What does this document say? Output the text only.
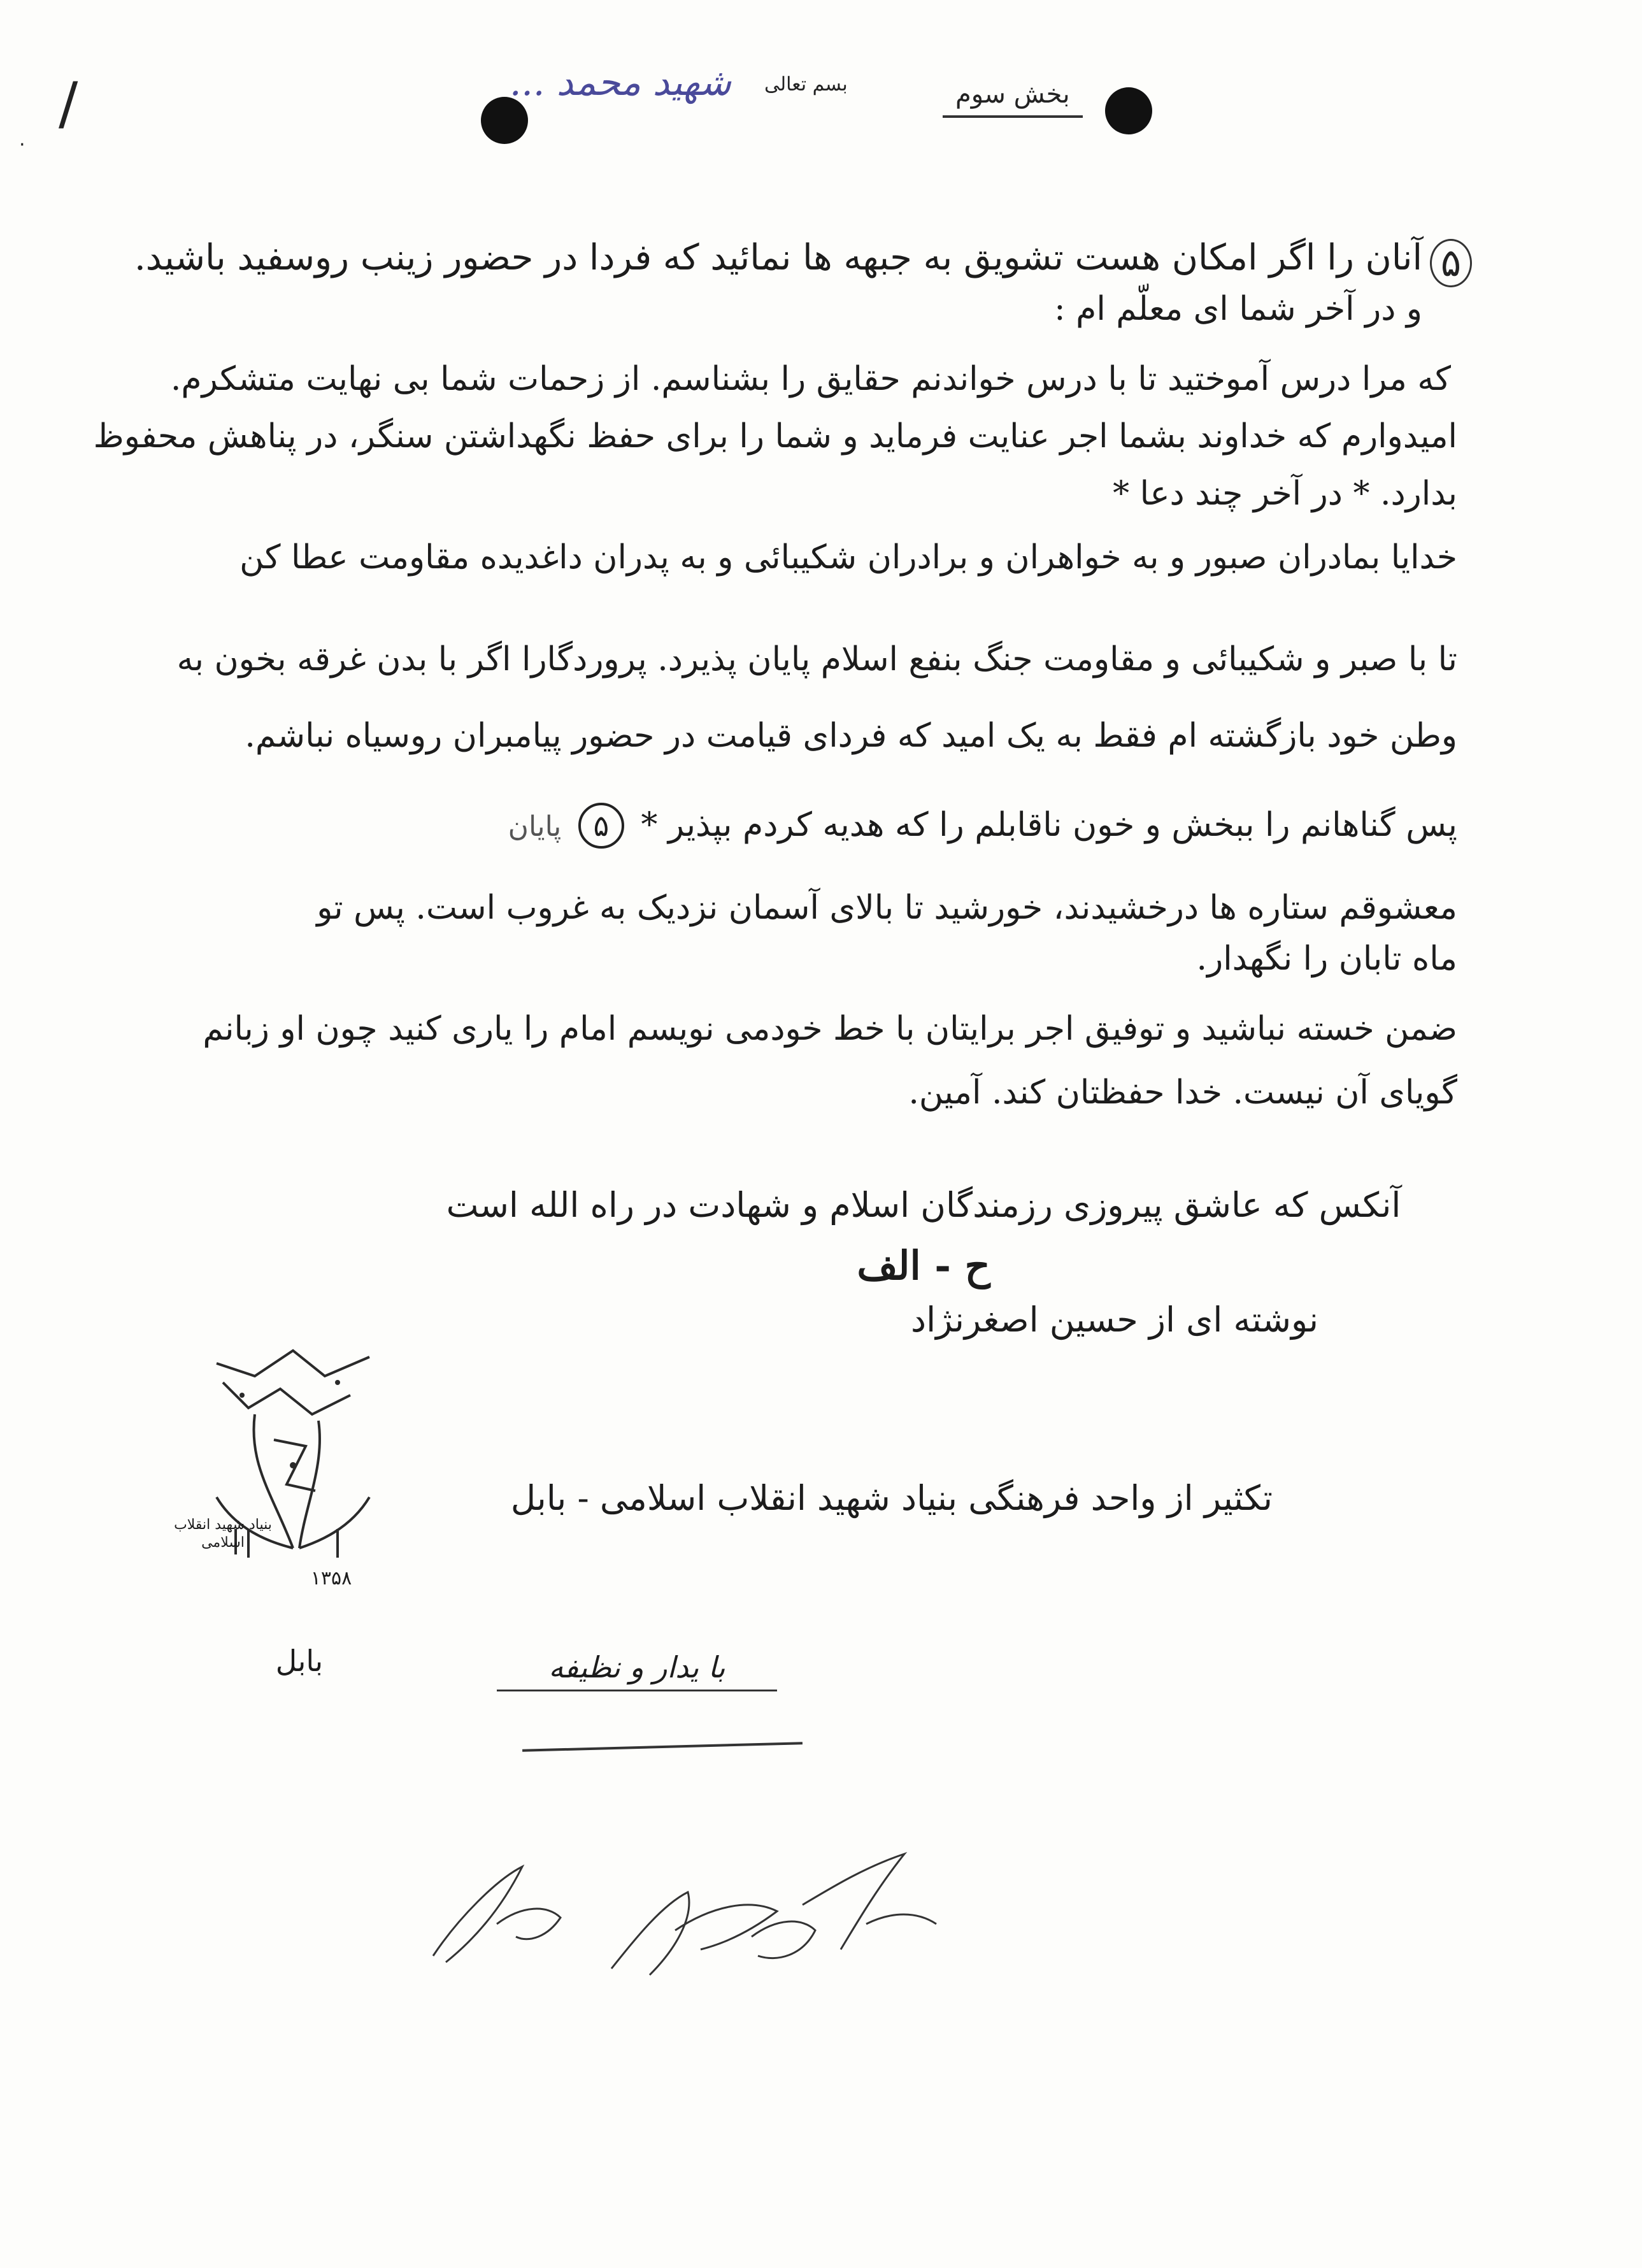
/
·
شهید محمد ... بسم تعالی	بخش سوم
۵
آنان را اگر امکان هست تشویق به جبهه ها نمائید که فردا در حضور زینب روسفید باشید.
و در آخر شما ای معلّم ام :
که مرا درس آموختید تا با درس خواندنم حقایق را بشناسم. از زحمات شما بی نهایت متشکرم.
امیدوارم که خداوند بشما اجر عنایت فرماید و شما را برای حفظ نگهداشتن سنگر، در پناهش محفوظ
بدارد. * در آخر چند دعا *
خدایا بمادران صبور و به خواهران و برادران شکیبائی و به پدران داغدیده مقاومت عطا کن
تا با صبر و شکیبائی و مقاومت جنگ بنفع اسلام پایان پذیرد. پروردگارا اگر با بدن غرقه بخون به
وطن خود بازگشته ام فقط به یک امید که فردای قیامت در حضور پیامبران روسیاه نباشم.
پس گناهانم را ببخش و خون ناقابلم را که هدیه کردم بپذیر * ۵ پایان
معشوقم ستاره ها درخشیدند، خورشید تا بالای آسمان نزدیک به غروب است. پس تو
ماه تابان را نگهدار.
ضمن خسته نباشید و توفیق اجر برایتان با خط خودمی نویسم امام را یاری کنید چون او زبانم
گویای آن نیست. خدا حفظتان کند. آمین.
آنکس که عاشق پیروزی رزمندگان اسلام و شهادت در راه الله است
ح - الف
نوشته ای از حسین اصغرنژاد
تکثیر از واحد فرهنگی بنیاد شهید انقلاب اسلامی - بابل
بنیاد شهید انقلاب اسلامی
۱۳۵۸
بابل	با یدار و نظیفه
